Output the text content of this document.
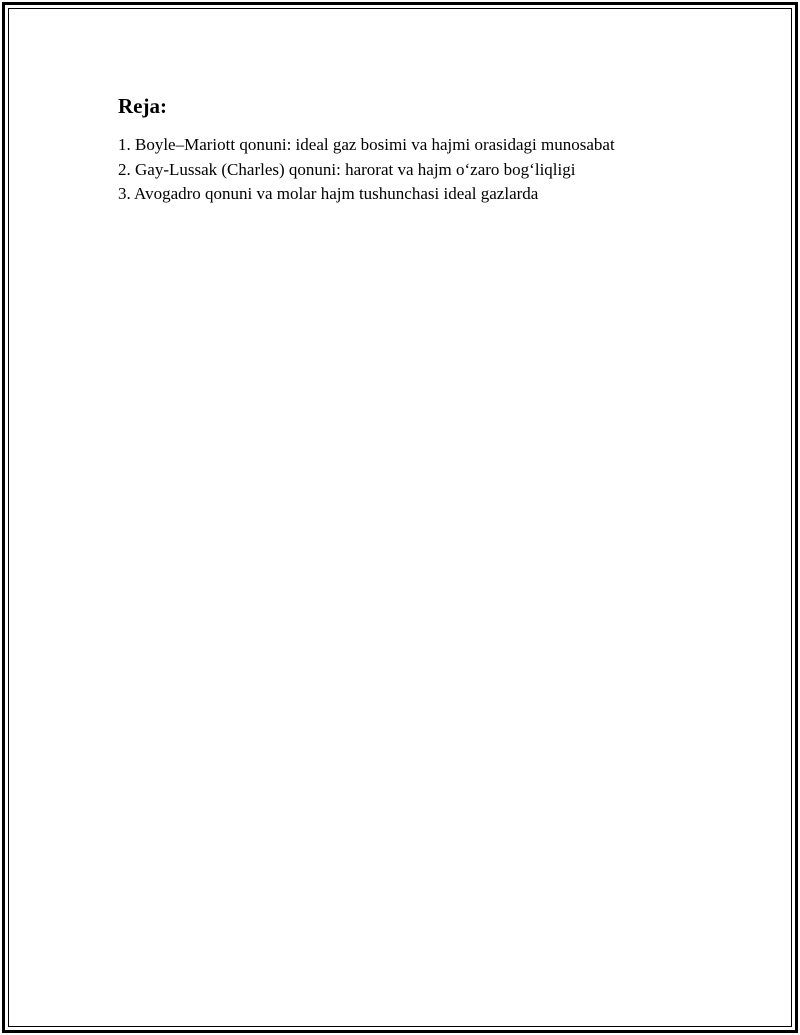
Reja:
1. Boyle–Mariott qonuni: ideal gaz bosimi va hajmi orasidagi munosabat
2. Gay-Lussak (Charles) qonuni: harorat va hajm o‘zaro bog‘liqligi
3. Avogadro qonuni va molar hajm tushunchasi ideal gazlarda
